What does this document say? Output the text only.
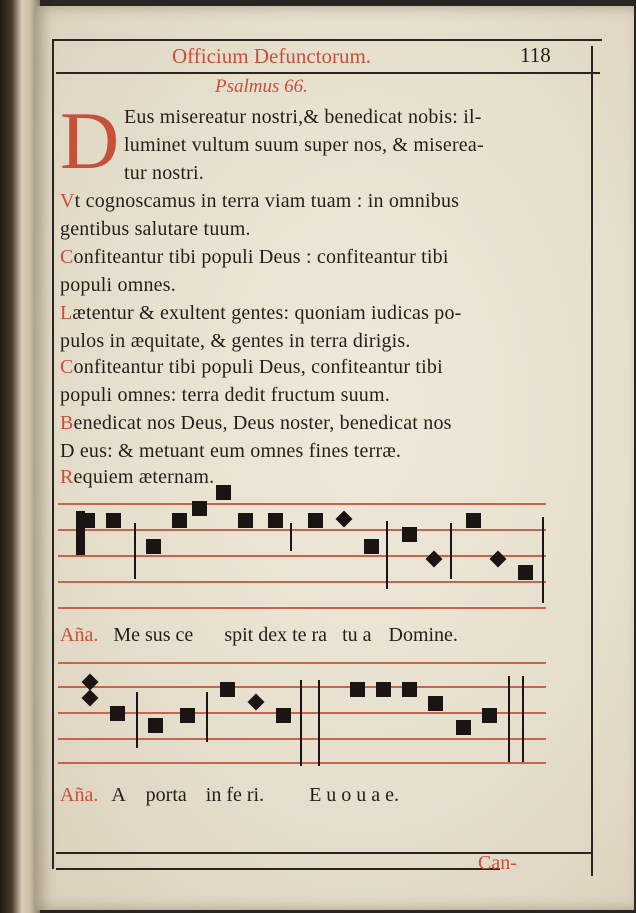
Officium Defunctorum.	118
Psalmus 66.
D Eus misereatur nostri,& benedicat nobis: il-
luminet vultum suum super nos, & miserea-
tur nostri.
Vt cognoscamus in terra viam tuam : in omnibus
gentibus salutare tuum.
Confiteantur tibi populi Deus : confiteantur tibi
populi omnes.
Lætentur & exultent gentes: quoniam iudicas po-
pulos in æquitate, & gentes in terra dirigis.
Confiteantur tibi populi Deus, confiteantur tibi
populi omnes: terra dedit fructum suum.
Benedicat nos Deus, Deus noster, benedicat nos
D eus: & metuant eum omnes fines terræ.
Requiem æternam.
Aña. Me sus ce spit dex te ra tu a Domine.
Aña. A porta in fe ri. E u o u a e.
Can-
